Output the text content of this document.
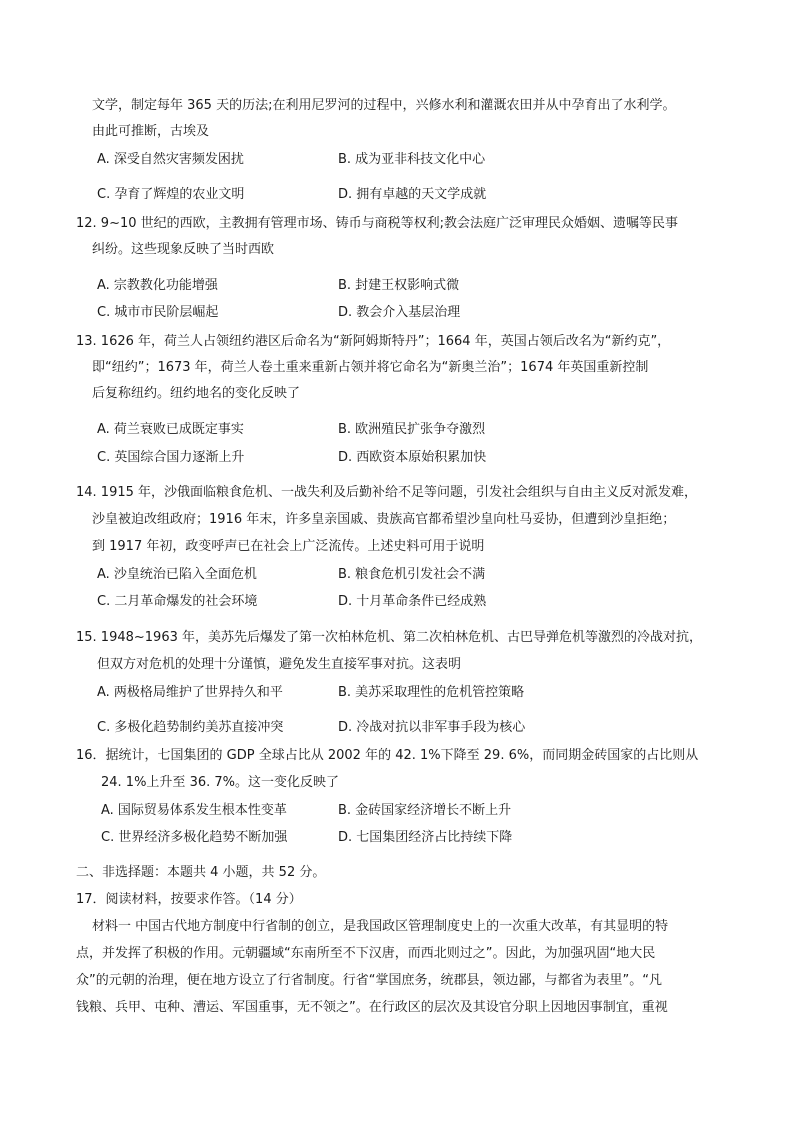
文学，制定每年 365 天的历法;在利用尼罗河的过程中，兴修水利和灌溉农田并从中孕育出了水利学。
由此可推断，古埃及
A. 深受自然灾害频发困扰	B. 成为亚非科技文化中心
C. 孕育了辉煌的农业文明	D. 拥有卓越的天文学成就
12. 9~10 世纪的西欧，主教拥有管理市场、铸币与商税等权利;教会法庭广泛审理民众婚姻、遗嘱等民事
纠纷。这些现象反映了当时西欧
A. 宗教教化功能增强	B. 封建王权影响式微
C. 城市市民阶层崛起	D. 教会介入基层治理
13. 1626 年，荷兰人占领纽约港区后命名为“新阿姆斯特丹”；1664 年，英国占领后改名为“新约克”，
即“纽约”；1673 年，荷兰人卷土重来重新占领并将它命名为“新奥兰治”；1674 年英国重新控制
后复称纽约。纽约地名的变化反映了
A. 荷兰衰败已成既定事实	B. 欧洲殖民扩张争夺激烈
C. 英国综合国力逐渐上升	D. 西欧资本原始积累加快
14. 1915 年，沙俄面临粮食危机、一战失利及后勤补给不足等问题，引发社会组织与自由主义反对派发难，
沙皇被迫改组政府；1916 年末，许多皇亲国戚、贵族高官都希望沙皇向杜马妥协，但遭到沙皇拒绝；
到 1917 年初，政变呼声已在社会上广泛流传。上述史料可用于说明
A. 沙皇统治已陷入全面危机	B. 粮食危机引发社会不满
C. 二月革命爆发的社会环境	D. 十月革命条件已经成熟
15. 1948~1963 年，美苏先后爆发了第一次柏林危机、第二次柏林危机、古巴导弹危机等激烈的冷战对抗，
但双方对危机的处理十分谨慎，避免发生直接军事对抗。这表明
A. 两极格局维护了世界持久和平	B. 美苏采取理性的危机管控策略
C. 多极化趋势制约美苏直接冲突	D. 冷战对抗以非军事手段为核心
16．据统计，七国集团的 GDP 全球占比从 2002 年的 42. 1%下降至 29. 6%，而同期金砖国家的占比则从
24. 1%上升至 36. 7%。这一变化反映了
A. 国际贸易体系发生根本性变革	B. 金砖国家经济增长不断上升
C. 世界经济多极化趋势不断加强	D. 七国集团经济占比持续下降
二、非选择题：本题共 4 小题，共 52 分。
17．阅读材料，按要求作答。（14 分）
材料一 中国古代地方制度中行省制的创立，是我国政区管理制度史上的一次重大改革，有其显明的特
点，并发挥了积极的作用。元朝疆域“东南所至不下汉唐，而西北则过之”。因此，为加强巩固“地大民
众”的元朝的治理，便在地方设立了行省制度。行省“掌国庶务，统郡县，领边鄙，与都省为表里”。“凡
钱粮、兵甲、屯种、漕运、军国重事，无不领之”。在行政区的层次及其设官分职上因地因事制宜，重视
